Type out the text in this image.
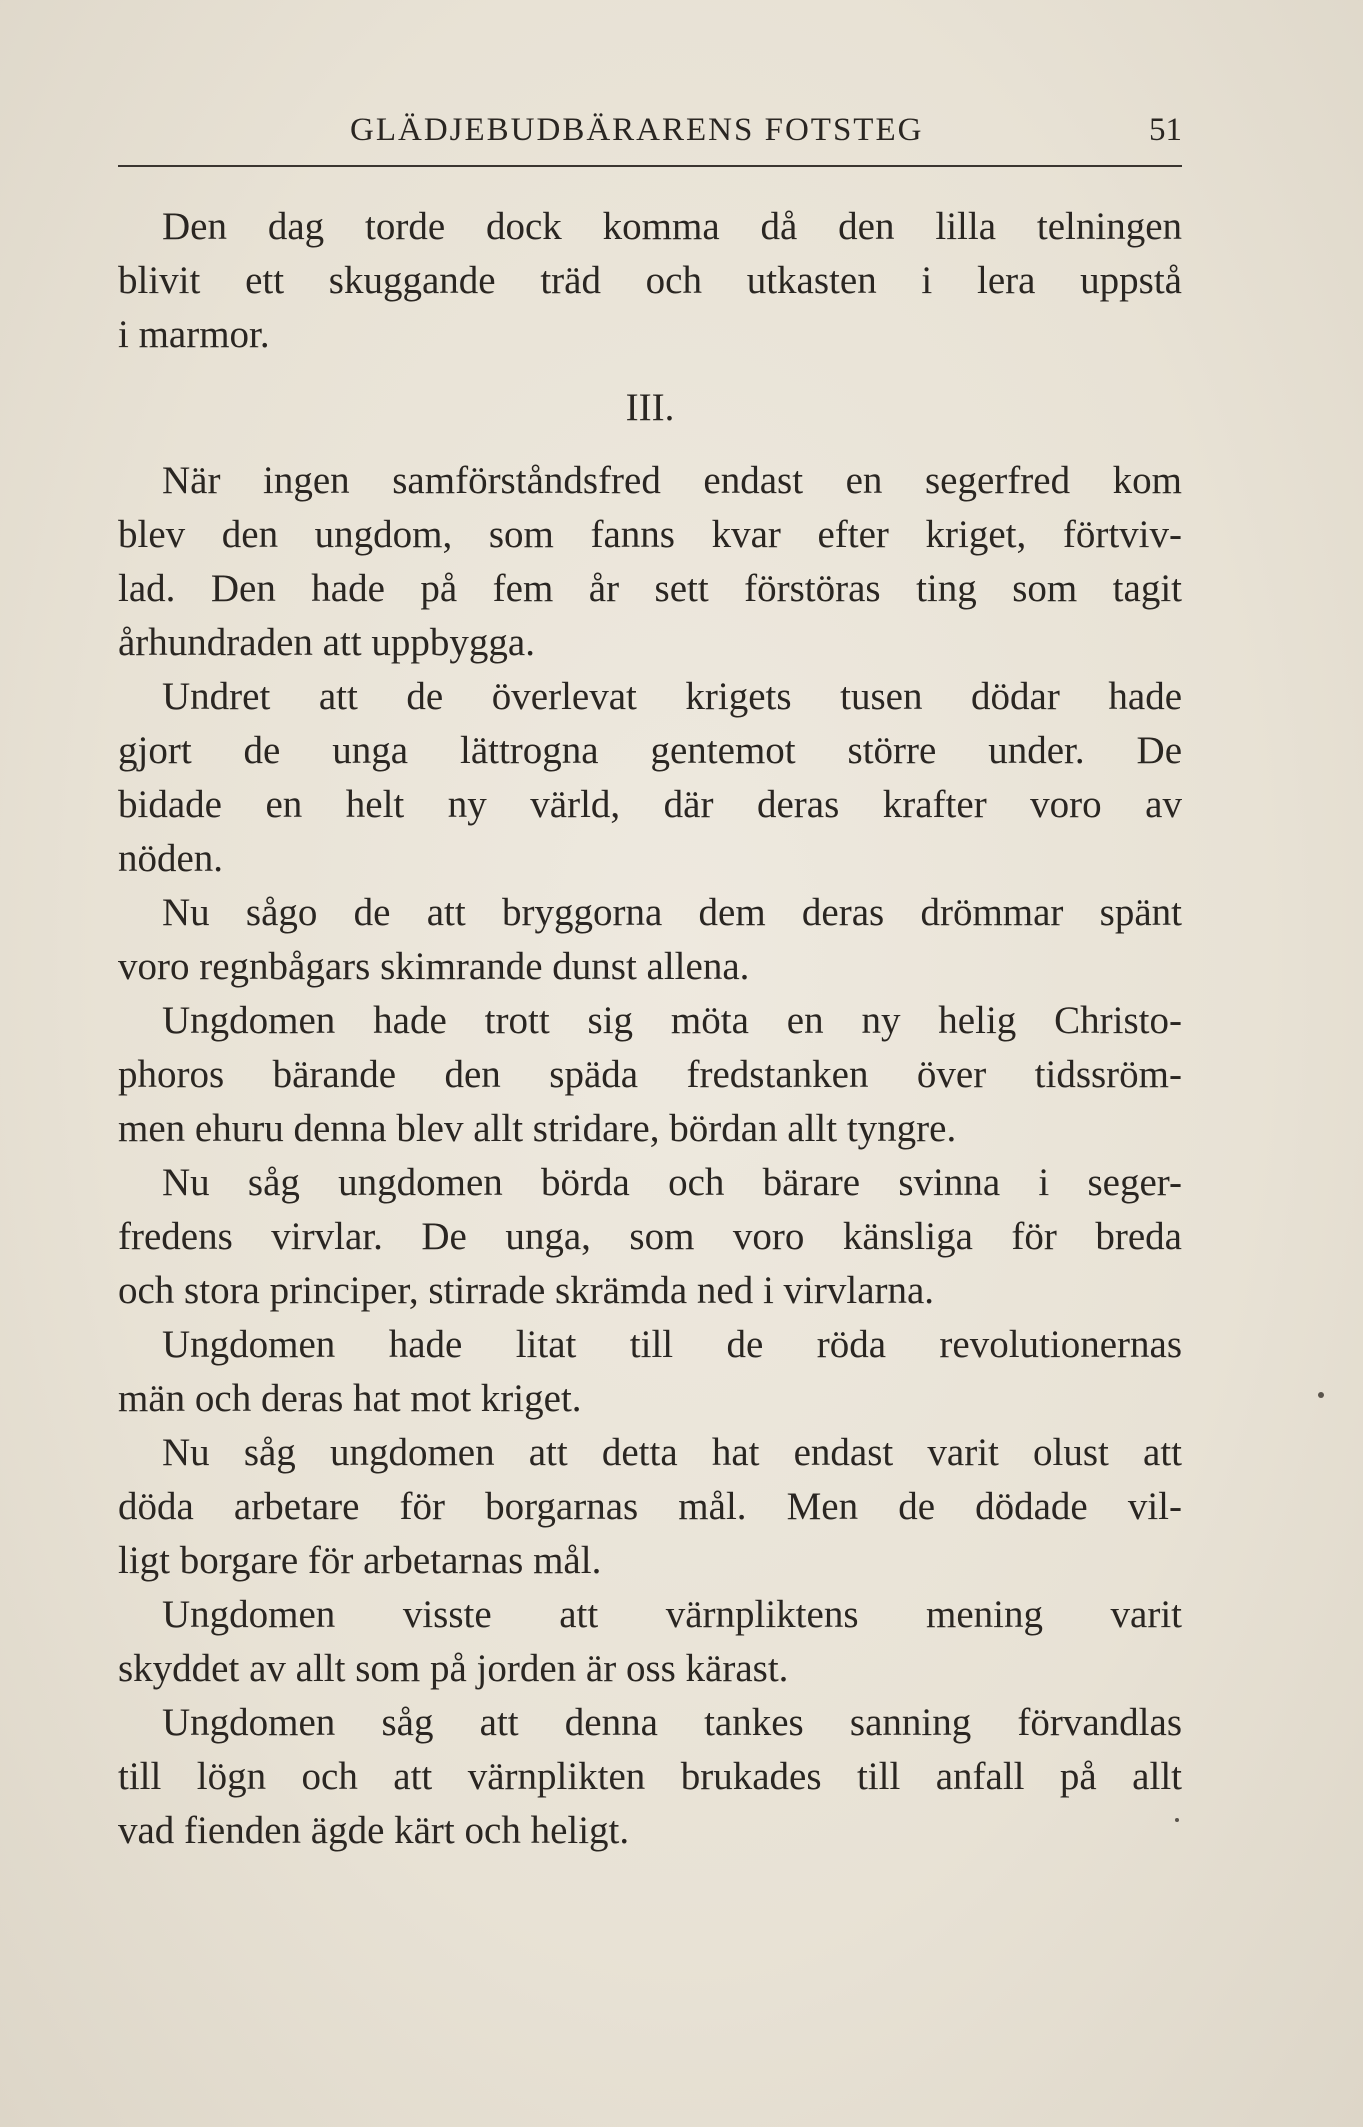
GLÄDJEBUDBÄRARENS FOTSTEG	51
Den dag torde dock komma då den lilla telningen
blivit ett skuggande träd och utkasten i lera uppstå
i marmor.
III.
När ingen samförståndsfred endast en segerfred kom
blev den ungdom, som fanns kvar efter kriget, förtviv-
lad. Den hade på fem år sett förstöras ting som tagit
århundraden att uppbygga.
Undret att de överlevat krigets tusen dödar hade
gjort de unga lättrogna gentemot större under. De
bidade en helt ny värld, där deras krafter voro av
nöden.
Nu sågo de att bryggorna dem deras drömmar spänt
voro regnbågars skimrande dunst allena.
Ungdomen hade trott sig möta en ny helig Christo-
phoros bärande den späda fredstanken över tidssröm-
men ehuru denna blev allt stridare, bördan allt tyngre.
Nu såg ungdomen börda och bärare svinna i seger-
fredens virvlar. De unga, som voro känsliga för breda
och stora principer, stirrade skrämda ned i virvlarna.
Ungdomen hade litat till de röda revolutionernas
män och deras hat mot kriget.
Nu såg ungdomen att detta hat endast varit olust att
döda arbetare för borgarnas mål. Men de dödade vil-
ligt borgare för arbetarnas mål.
Ungdomen visste att värnpliktens mening varit
skyddet av allt som på jorden är oss kärast.
Ungdomen såg att denna tankes sanning förvandlas
till lögn och att värnplikten brukades till anfall på allt
vad fienden ägde kärt och heligt.
